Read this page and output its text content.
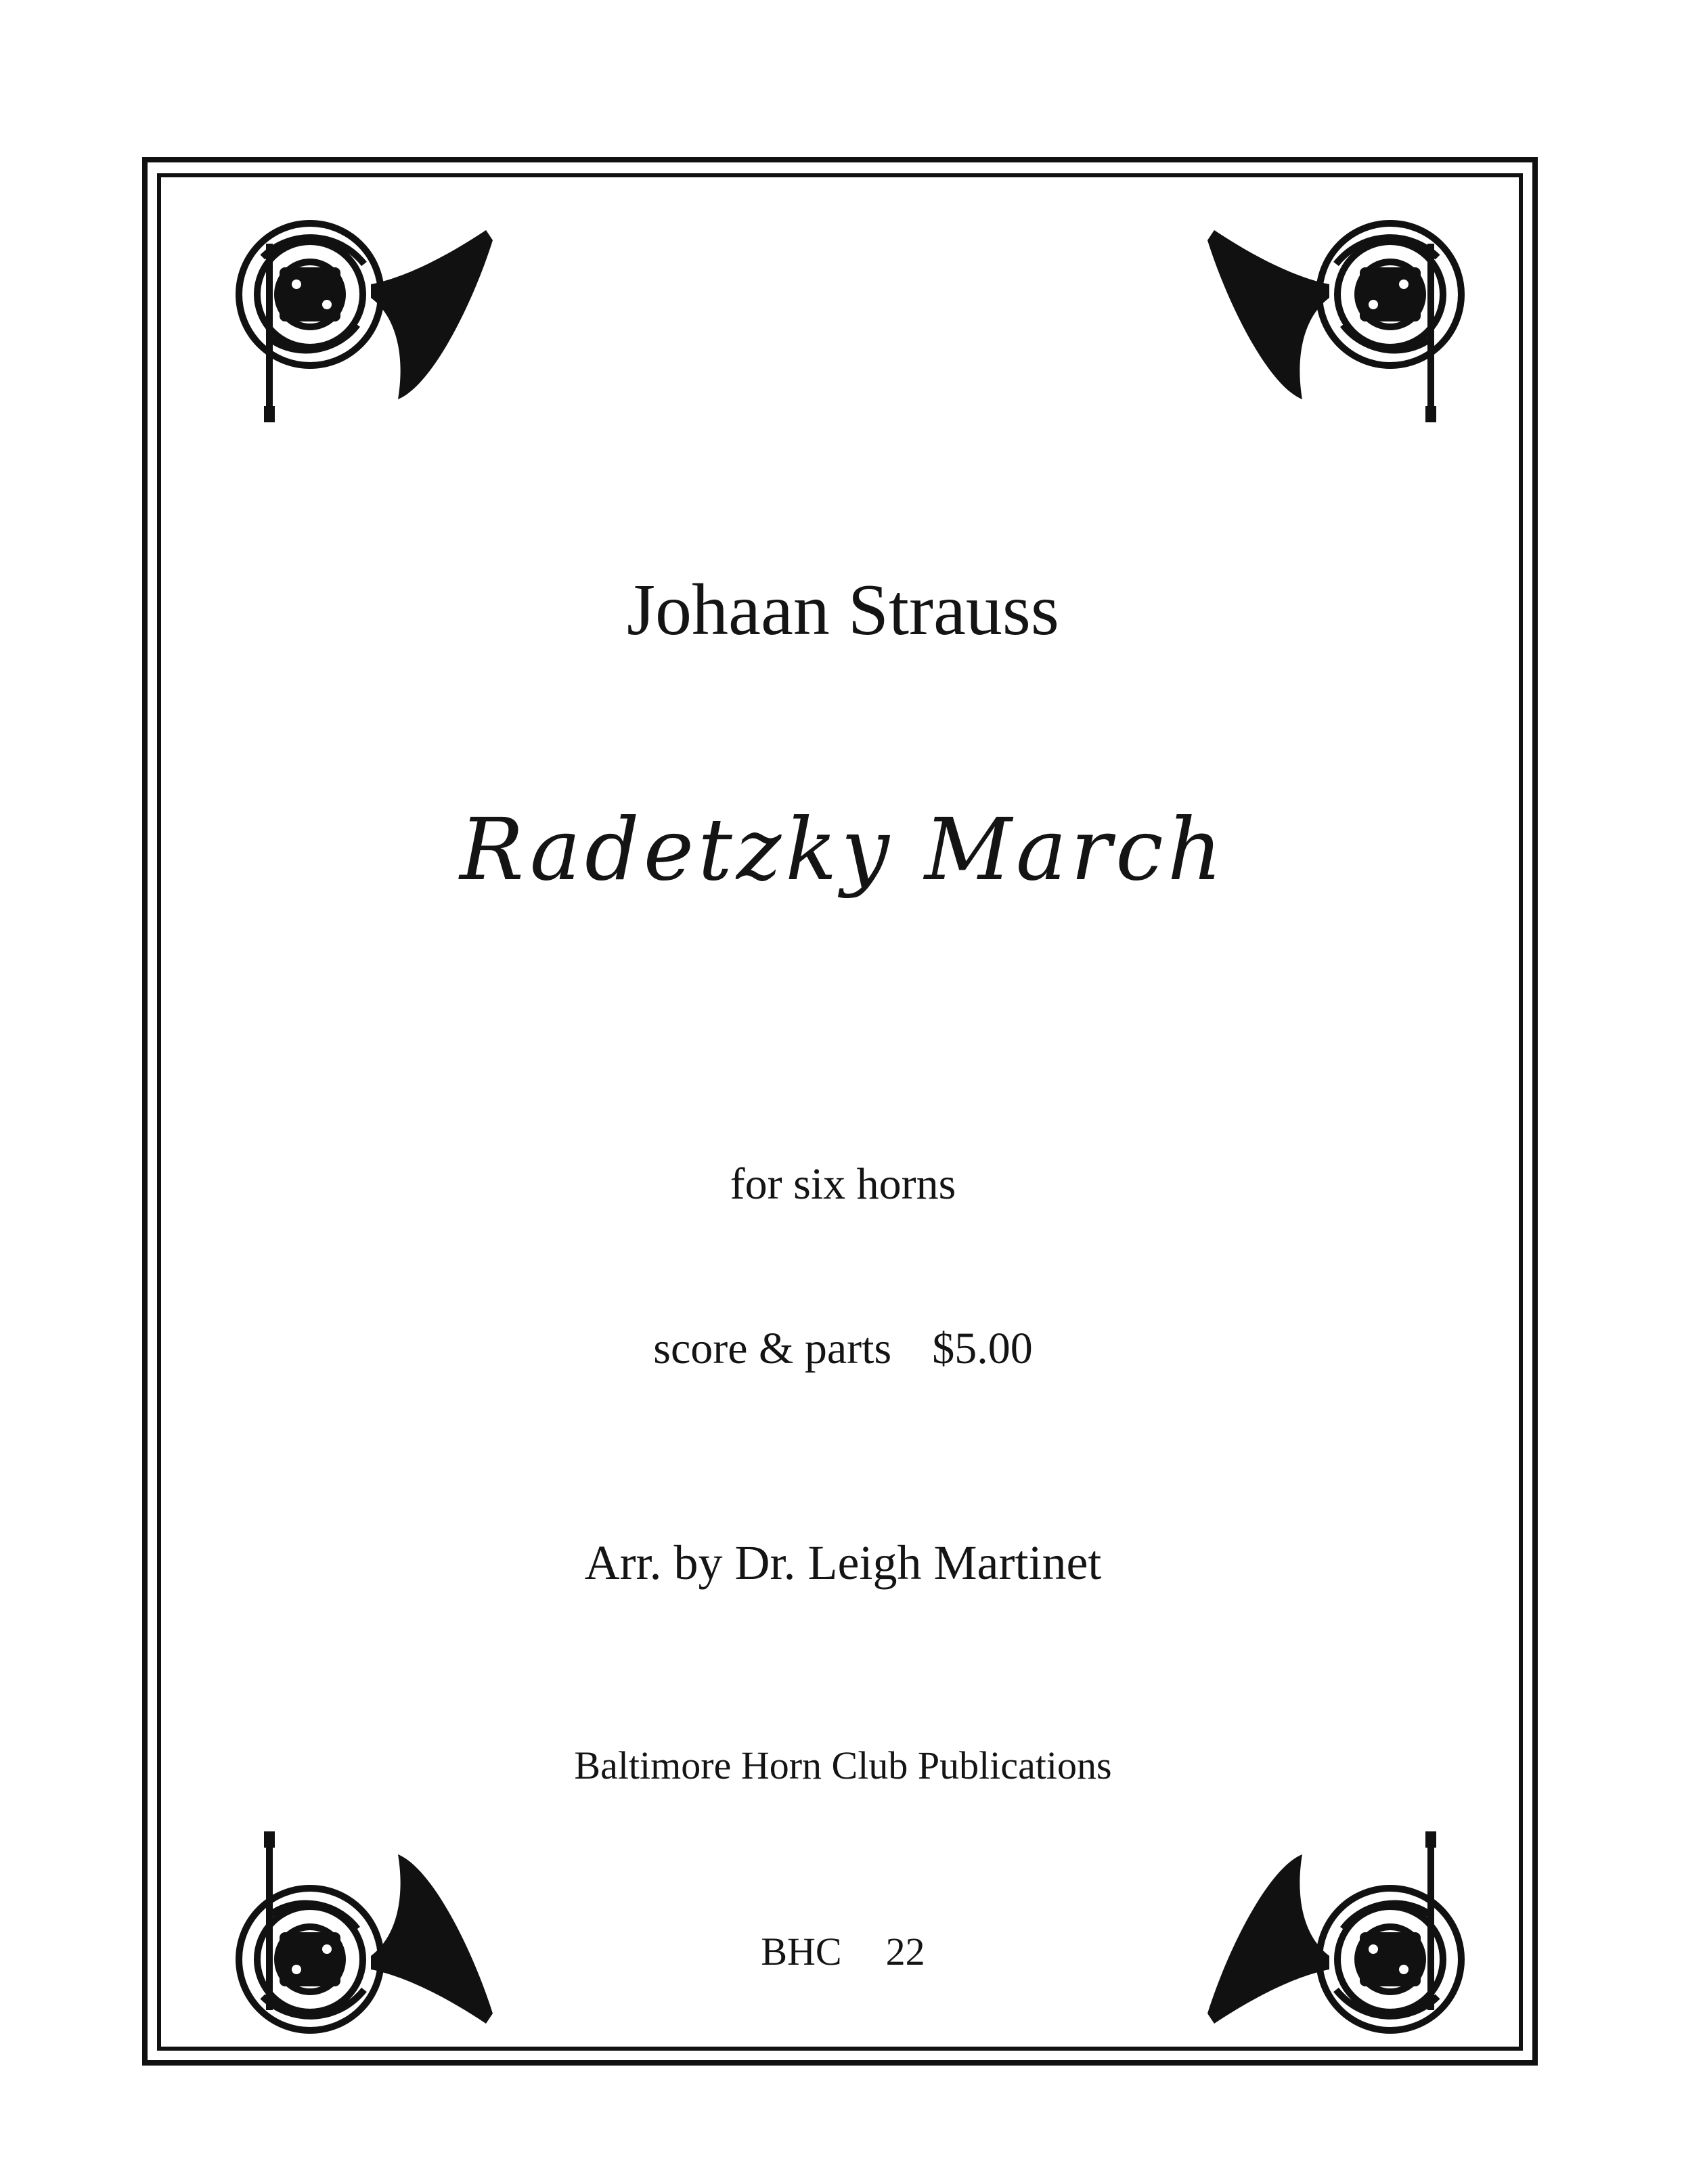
Johaan Strauss
Radetzky March
for six horns
score & parts $5.00
Arr. by Dr. Leigh Martinet
Baltimore Horn Club Publications
BHC  22
